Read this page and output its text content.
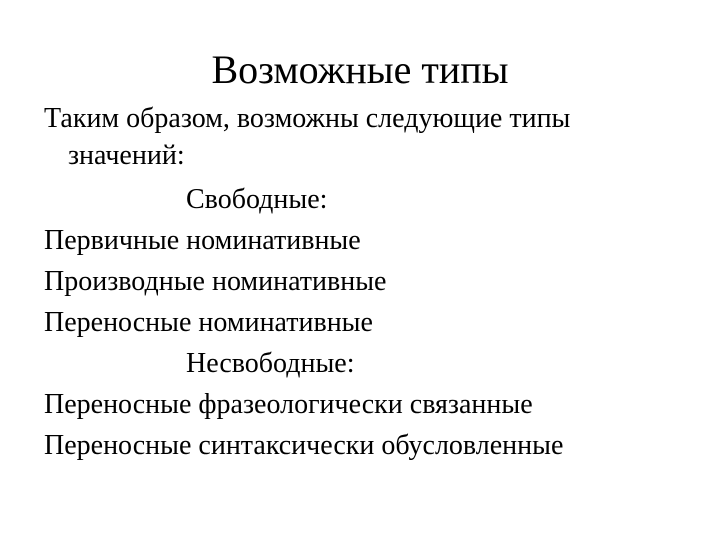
Возможные типы
Таким образом, возможны следующие типы
значений:
Свободные:
Первичные номинативные
Производные номинативные
Переносные номинативные
Несвободные:
Переносные фразеологически связанные
Переносные синтаксически обусловленные
